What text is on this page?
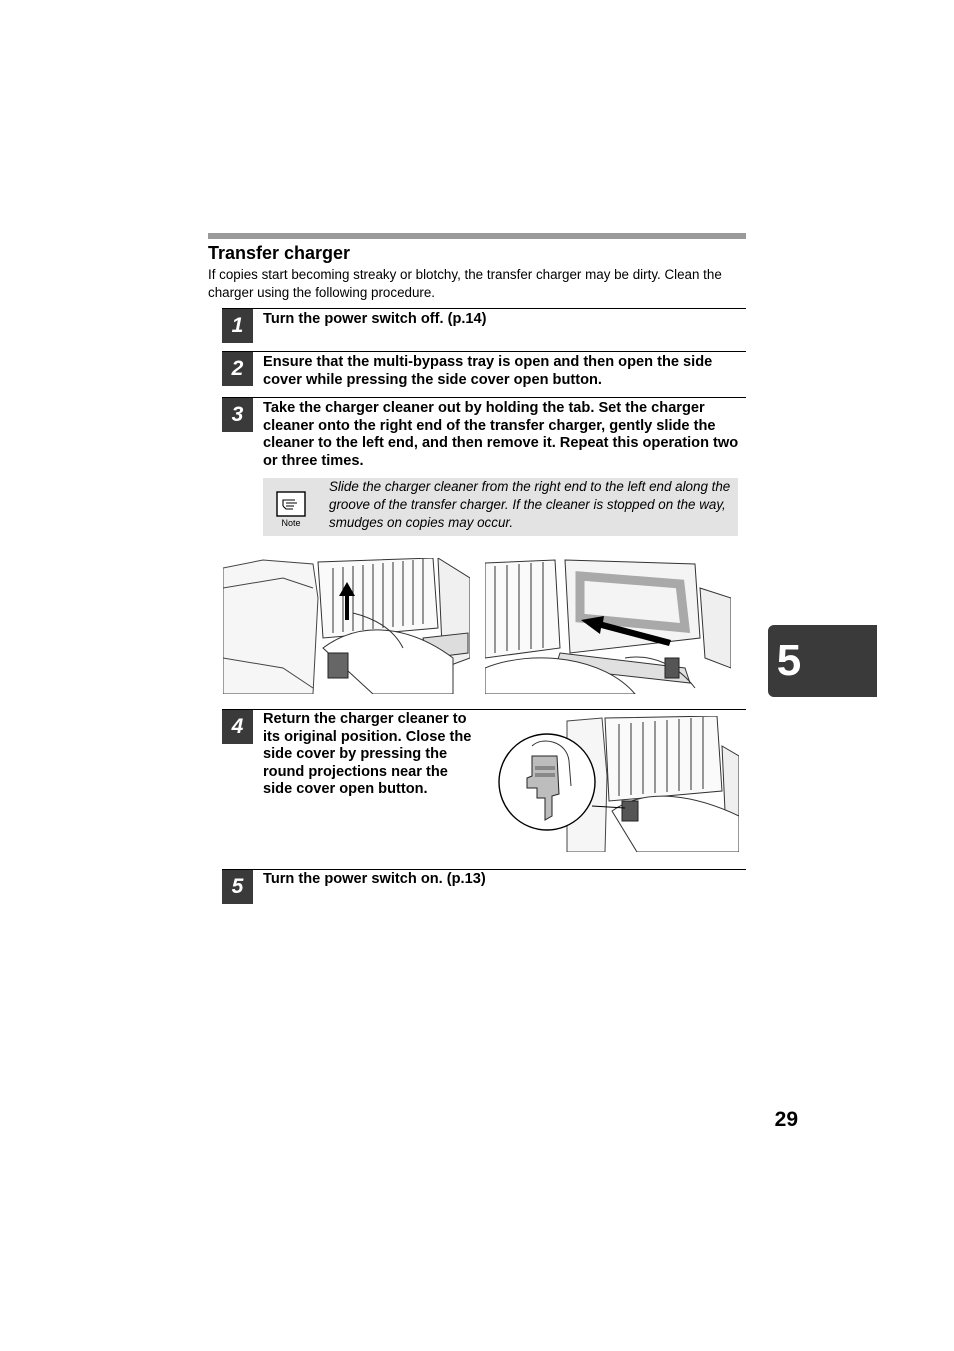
Transfer charger
If copies start becoming streaky or blotchy, the transfer charger may be dirty. Clean the charger using the following procedure.
1	Turn the power switch off. (p.14)
2	Ensure that the multi-bypass tray is open and then open the side cover while pressing the side cover open button.
3	Take the charger cleaner out by holding the tab. Set the charger cleaner onto the right end of the transfer charger, gently slide the cleaner to the left end, and then remove it. Repeat this operation two or three times.
Note
Slide the charger cleaner from the right end to the left end along the groove of the transfer charger. If the cleaner is stopped on the way, smudges on copies may occur.
4	Return the charger cleaner to its original position. Close the side cover by pressing the round projections near the side cover open button.
5	Turn the power switch on. (p.13)
5
29
